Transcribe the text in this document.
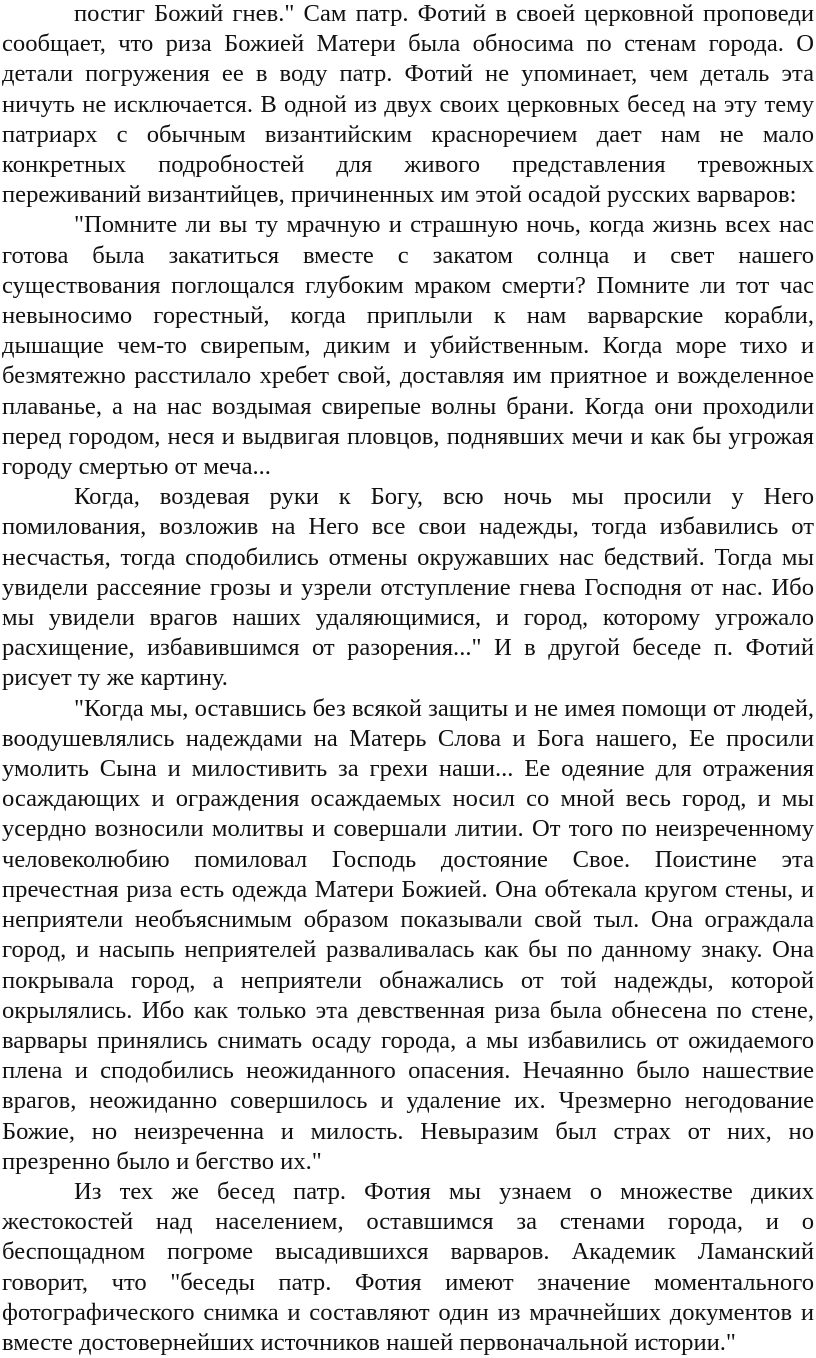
постиг Божий гнев." Сам патр. Фотий в своей церковной проповеди сообщает, что риза Божией Матери была обносима по стенам города. О детали погружения ее в воду патр. Фотий не упоминает, чем деталь эта ничуть не исключается. В одной из двух своих церковных бесед на эту тему патриарх с обычным византийским красноречием дает нам не мало конкретных подробностей для живого представления тревожных переживаний византийцев, причиненных им этой осадой русских варваров:

"Помните ли вы ту мрачную и страшную ночь, когда жизнь всех нас готова была закатиться вместе с закатом солнца и свет нашего существования поглощался глубоким мраком смерти? Помните ли тот час невыносимо горестный, когда приплыли к нам варварские корабли, дышащие чем-то свирепым, диким и убийственным. Когда море тихо и безмятежно расстилало хребет свой, доставляя им приятное и вожделенное плаванье, а на нас воздымая свирепые волны брани. Когда они проходили перед городом, неся и выдвигая пловцов, поднявших мечи и как бы угрожая городу смертью от меча...

Когда, воздевая руки к Богу, всю ночь мы просили у Него помилования, возложив на Него все свои надежды, тогда избавились от несчастья, тогда сподобились отмены окружавших нас бедствий. Тогда мы увидели рассеяние грозы и узрели отступление гнева Господня от нас. Ибо мы увидели врагов наших удаляющимися, и город, которому угрожало расхищение, избавившимся от разорения..." И в другой беседе п. Фотий рисует ту же картину.

"Когда мы, оставшись без всякой защиты и не имея помощи от людей, воодушевлялись надеждами на Матерь Слова и Бога нашего, Ее просили умолить Сына и милостивить за грехи наши... Ее одеяние для отражения осаждающих и ограждения осаждаемых носил со мной весь город, и мы усердно возносили молитвы и совершали литии. От того по неизреченному человеколюбию помиловал Господь достояние Свое. Поистине эта пречестная риза есть одежда Матери Божией. Она обтекала кругом стены, и неприятели необъяснимым образом показывали свой тыл. Она ограждала город, и насыпь неприятелей разваливалась как бы по данному знаку. Она покрывала город, а неприятели обнажались от той надежды, которой окрылялись. Ибо как только эта девственная риза была обнесена по стене, варвары принялись снимать осаду города, а мы избавились от ожидаемого плена и сподобились неожиданного опасения. Нечаянно было нашествие врагов, неожиданно совершилось и удаление их. Чрезмерно негодование Божие, но неизреченна и милость. Невыразим был страх от них, но презренно было и бегство их."

Из тех же бесед патр. Фотия мы узнаем о множестве диких жестокостей над населением, оставшимся за стенами города, и о беспощадном погроме высадившихся варваров. Академик Ламанский говорит, что "беседы патр. Фотия имеют значение моментального фотографического снимка и составляют один из мрачнейших документов и вместе достовернейших источников нашей первоначальной истории."
